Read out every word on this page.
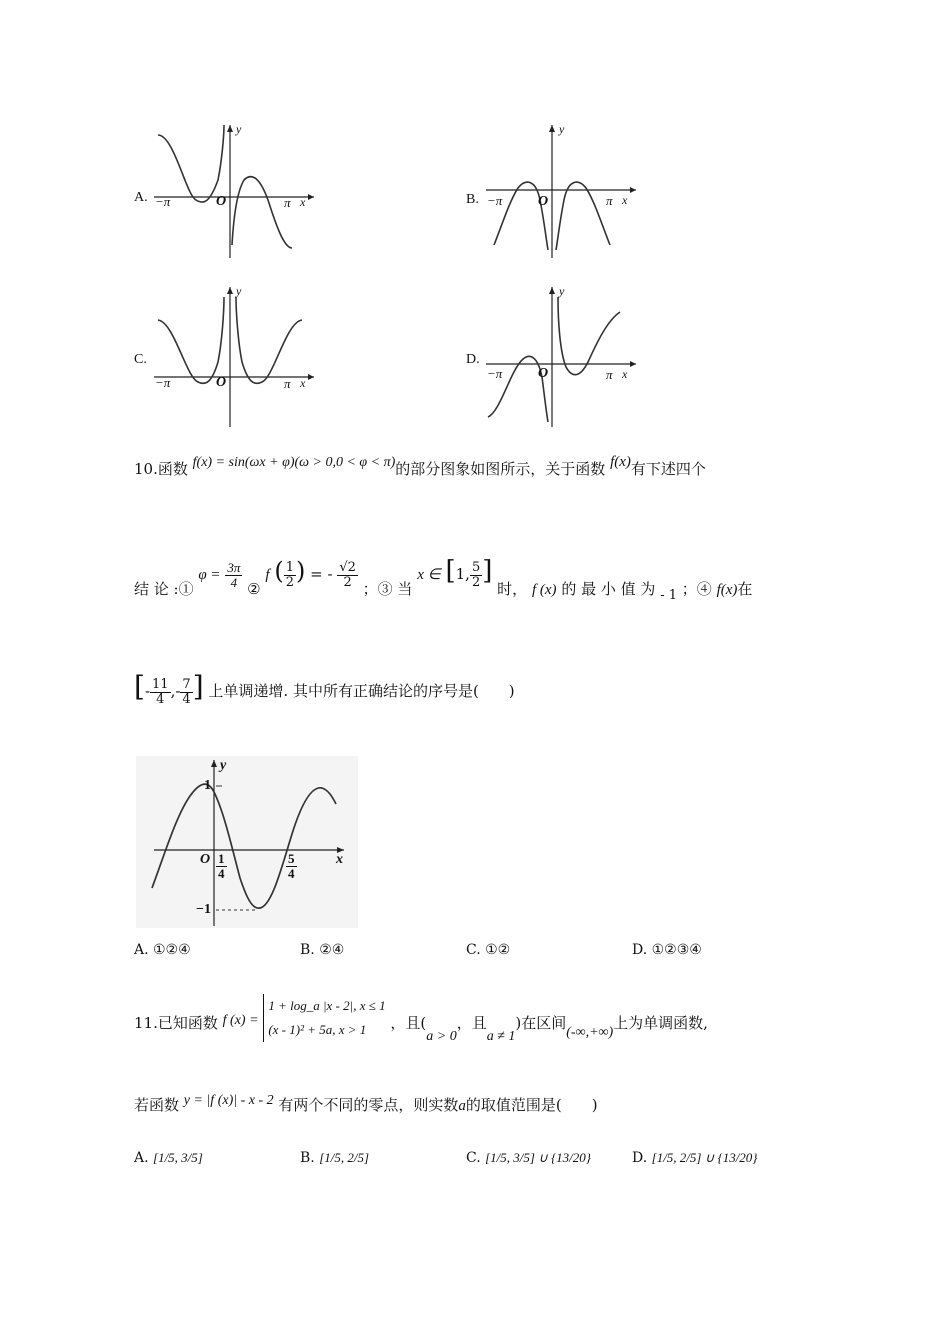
A. −π	O	π x
y
B. −π	O	π x
y
C.
−π	O	π x
y
D.
−π	O	π x
y
10.函数 f(x) = sin(ωx + φ)(ω > 0,0 < φ < π)的部分图象如图所示，关于函数 f(x)有下述四个
结 论 :① $\varphi = \frac{3\pi}{4}$ ② f ( $\frac{1}{2}$ ) = - $\frac{√2}{2}$ ；③ 当 x ∈ [1, $\frac{5}{2}$ ] 时， f (x) 的 最 小 值 为 - 1 ；④ f(x)在
[- $\frac{11}{4}$ ,- $\frac{7}{4}$ ] 上单调递增. 其中所有正确结论的序号是(　　)
y
1
O $\frac{1}{4}$	$\frac{5}{4}$	x
−1
A. ①②④	B. ②④	C. ①②	D. ①②③④
11.已知函数 f (x) =
1 + log_a |x - 2|, x ≤ 1
(x - 1)² + 5a, x > 1	，且(a > 0，且a ≠ 1)在区间(-∞,+∞)上为单调函数,
若函数 y = |f (x)| - x - 2 有两个不同的零点，则实数a的取值范围是(　　)
A. [1/5, 3/5]	B. [1/5, 2/5]	C. [1/5, 3/5] ∪ {13/20}	D. [1/5, 2/5] ∪ {13/20}
